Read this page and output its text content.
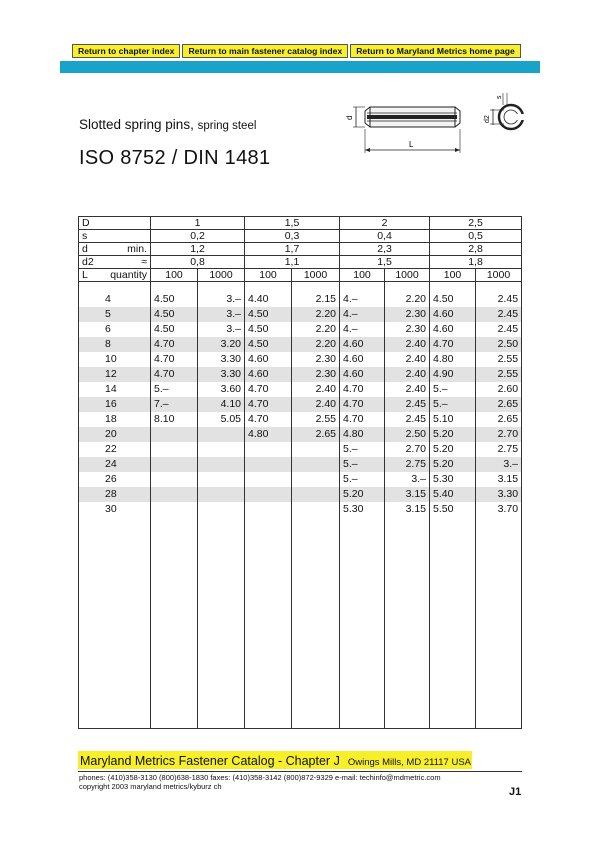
Return to chapter index	Return to main fastener catalog index	Return to Maryland Metrics home page
Slotted spring pins, spring steel
ISO 8752 / DIN 1481
d
L
d2
s
D	1		1,5		2		2,5	
s	0,2		0,3		0,4		0,5	

d min.	1,2		1,7		2,3		2,8	

d2 ≈	0,8		1,1		1,5		1,8	

L quantity	100	1000	100	1000	100	1000	100	1000

4	4.50	3.–	4.40	2.15	4.–	2.20	4.50	2.45
5	4.50	3.–	4.50	2.20	4.–	2.30	4.60	2.45
6	4.50	3.–	4.50	2.20	4.–	2.30	4.60	2.45
8	4.70	3.20	4.50	2.20	4.60	2.40	4.70	2.50
10	4.70	3.30	4.60	2.30	4.60	2.40	4.80	2.55
12	4.70	3.30	4.60	2.30	4.60	2.40	4.90	2.55
14	5.–	3.60	4.70	2.40	4.70	2.40	5.–	2.60
16	7.–	4.10	4.70	2.40	4.70	2.45	5.–	2.65
18	8.10	5.05	4.70	2.55	4.70	2.45	5.10	2.65
20			4.80	2.65	4.80	2.50	5.20	2.70
22					5.–	2.70	5.20	2.75
24					5.–	2.75	5.20	3.–
26					5.–	3.–	5.30	3.15
28					5.20	3.15	5.40	3.30
30					5.30	3.15	5.50	3.70

Maryland Metrics Fastener Catalog - Chapter J Owings Mills, MD 21117 USA
phones: (410)358-3130 (800)638-1830 faxes: (410)358-3142 (800)872-9329 e-mail: techinfo@mdmetric.com
copyright 2003 maryland metrics/kyburz ch	J1
